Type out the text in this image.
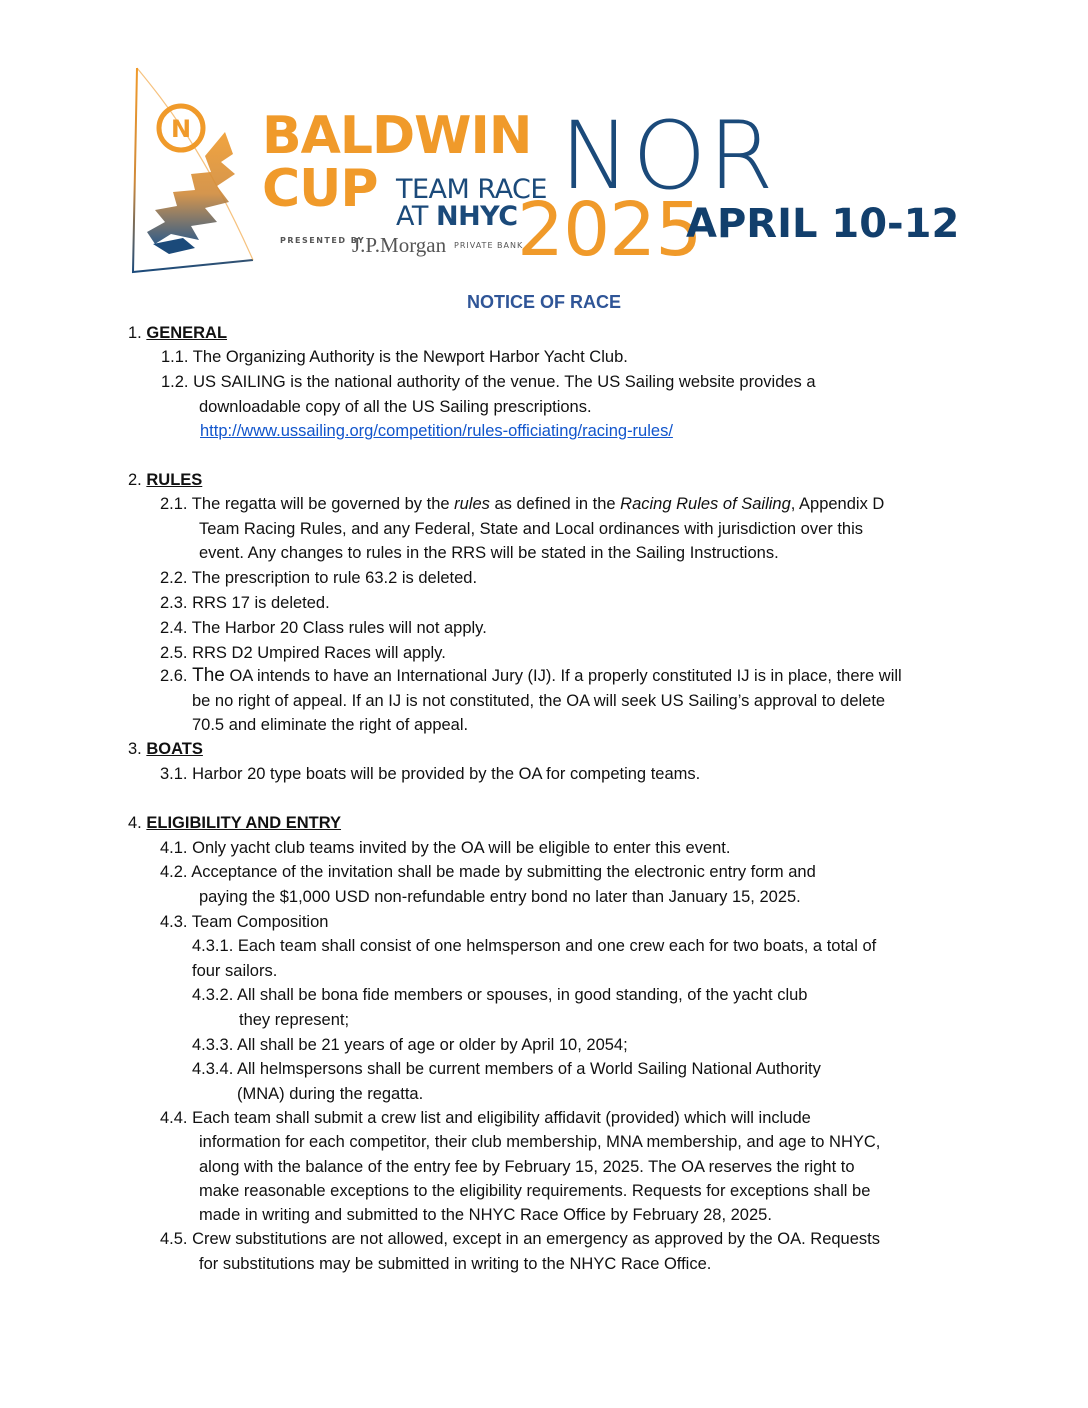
N BALDWIN
CUP TEAM RACE
AT NHYC
PRESENTED BY
J.P.Morgan PRIVATE BANK
NOR
2025
APRIL 10-12
NOTICE OF RACE
1. GENERAL
1.1. The Organizing Authority is the Newport Harbor Yacht Club.
1.2. US SAILING is the national authority of the venue. The US Sailing website provides a
downloadable copy of all the US Sailing prescriptions.
http://www.ussailing.org/competition/rules-officiating/racing-rules/
2. RULES
2.1. The regatta will be governed by the rules as defined in the Racing Rules of Sailing, Appendix D
Team Racing Rules, and any Federal, State and Local ordinances with jurisdiction over this
event. Any changes to rules in the RRS will be stated in the Sailing Instructions.
2.2. The prescription to rule 63.2 is deleted.
2.3. RRS 17 is deleted.
2.4. The Harbor 20 Class rules will not apply.
2.5. RRS D2 Umpired Races will apply.
2.6. The OA intends to have an International Jury (IJ). If a properly constituted IJ is in place, there will
be no right of appeal. If an IJ is not constituted, the OA will seek US Sailing’s approval to delete
70.5 and eliminate the right of appeal.
3. BOATS
3.1. Harbor 20 type boats will be provided by the OA for competing teams.
4. ELIGIBILITY AND ENTRY
4.1. Only yacht club teams invited by the OA will be eligible to enter this event.
4.2. Acceptance of the invitation shall be made by submitting the electronic entry form and
paying the $1,000 USD non-refundable entry bond no later than January 15, 2025.
4.3. Team Composition
4.3.1. Each team shall consist of one helmsperson and one crew each for two boats, a total of
four sailors.
4.3.2. All shall be bona fide members or spouses, in good standing, of the yacht club
they represent;
4.3.3. All shall be 21 years of age or older by April 10, 2054;
4.3.4. All helmspersons shall be current members of a World Sailing National Authority
(MNA) during the regatta.
4.4. Each team shall submit a crew list and eligibility affidavit (provided) which will include
information for each competitor, their club membership, MNA membership, and age to NHYC,
along with the balance of the entry fee by February 15, 2025. The OA reserves the right to
make reasonable exceptions to the eligibility requirements. Requests for exceptions shall be
made in writing and submitted to the NHYC Race Office by February 28, 2025.
4.5. Crew substitutions are not allowed, except in an emergency as approved by the OA. Requests
for substitutions may be submitted in writing to the NHYC Race Office.
